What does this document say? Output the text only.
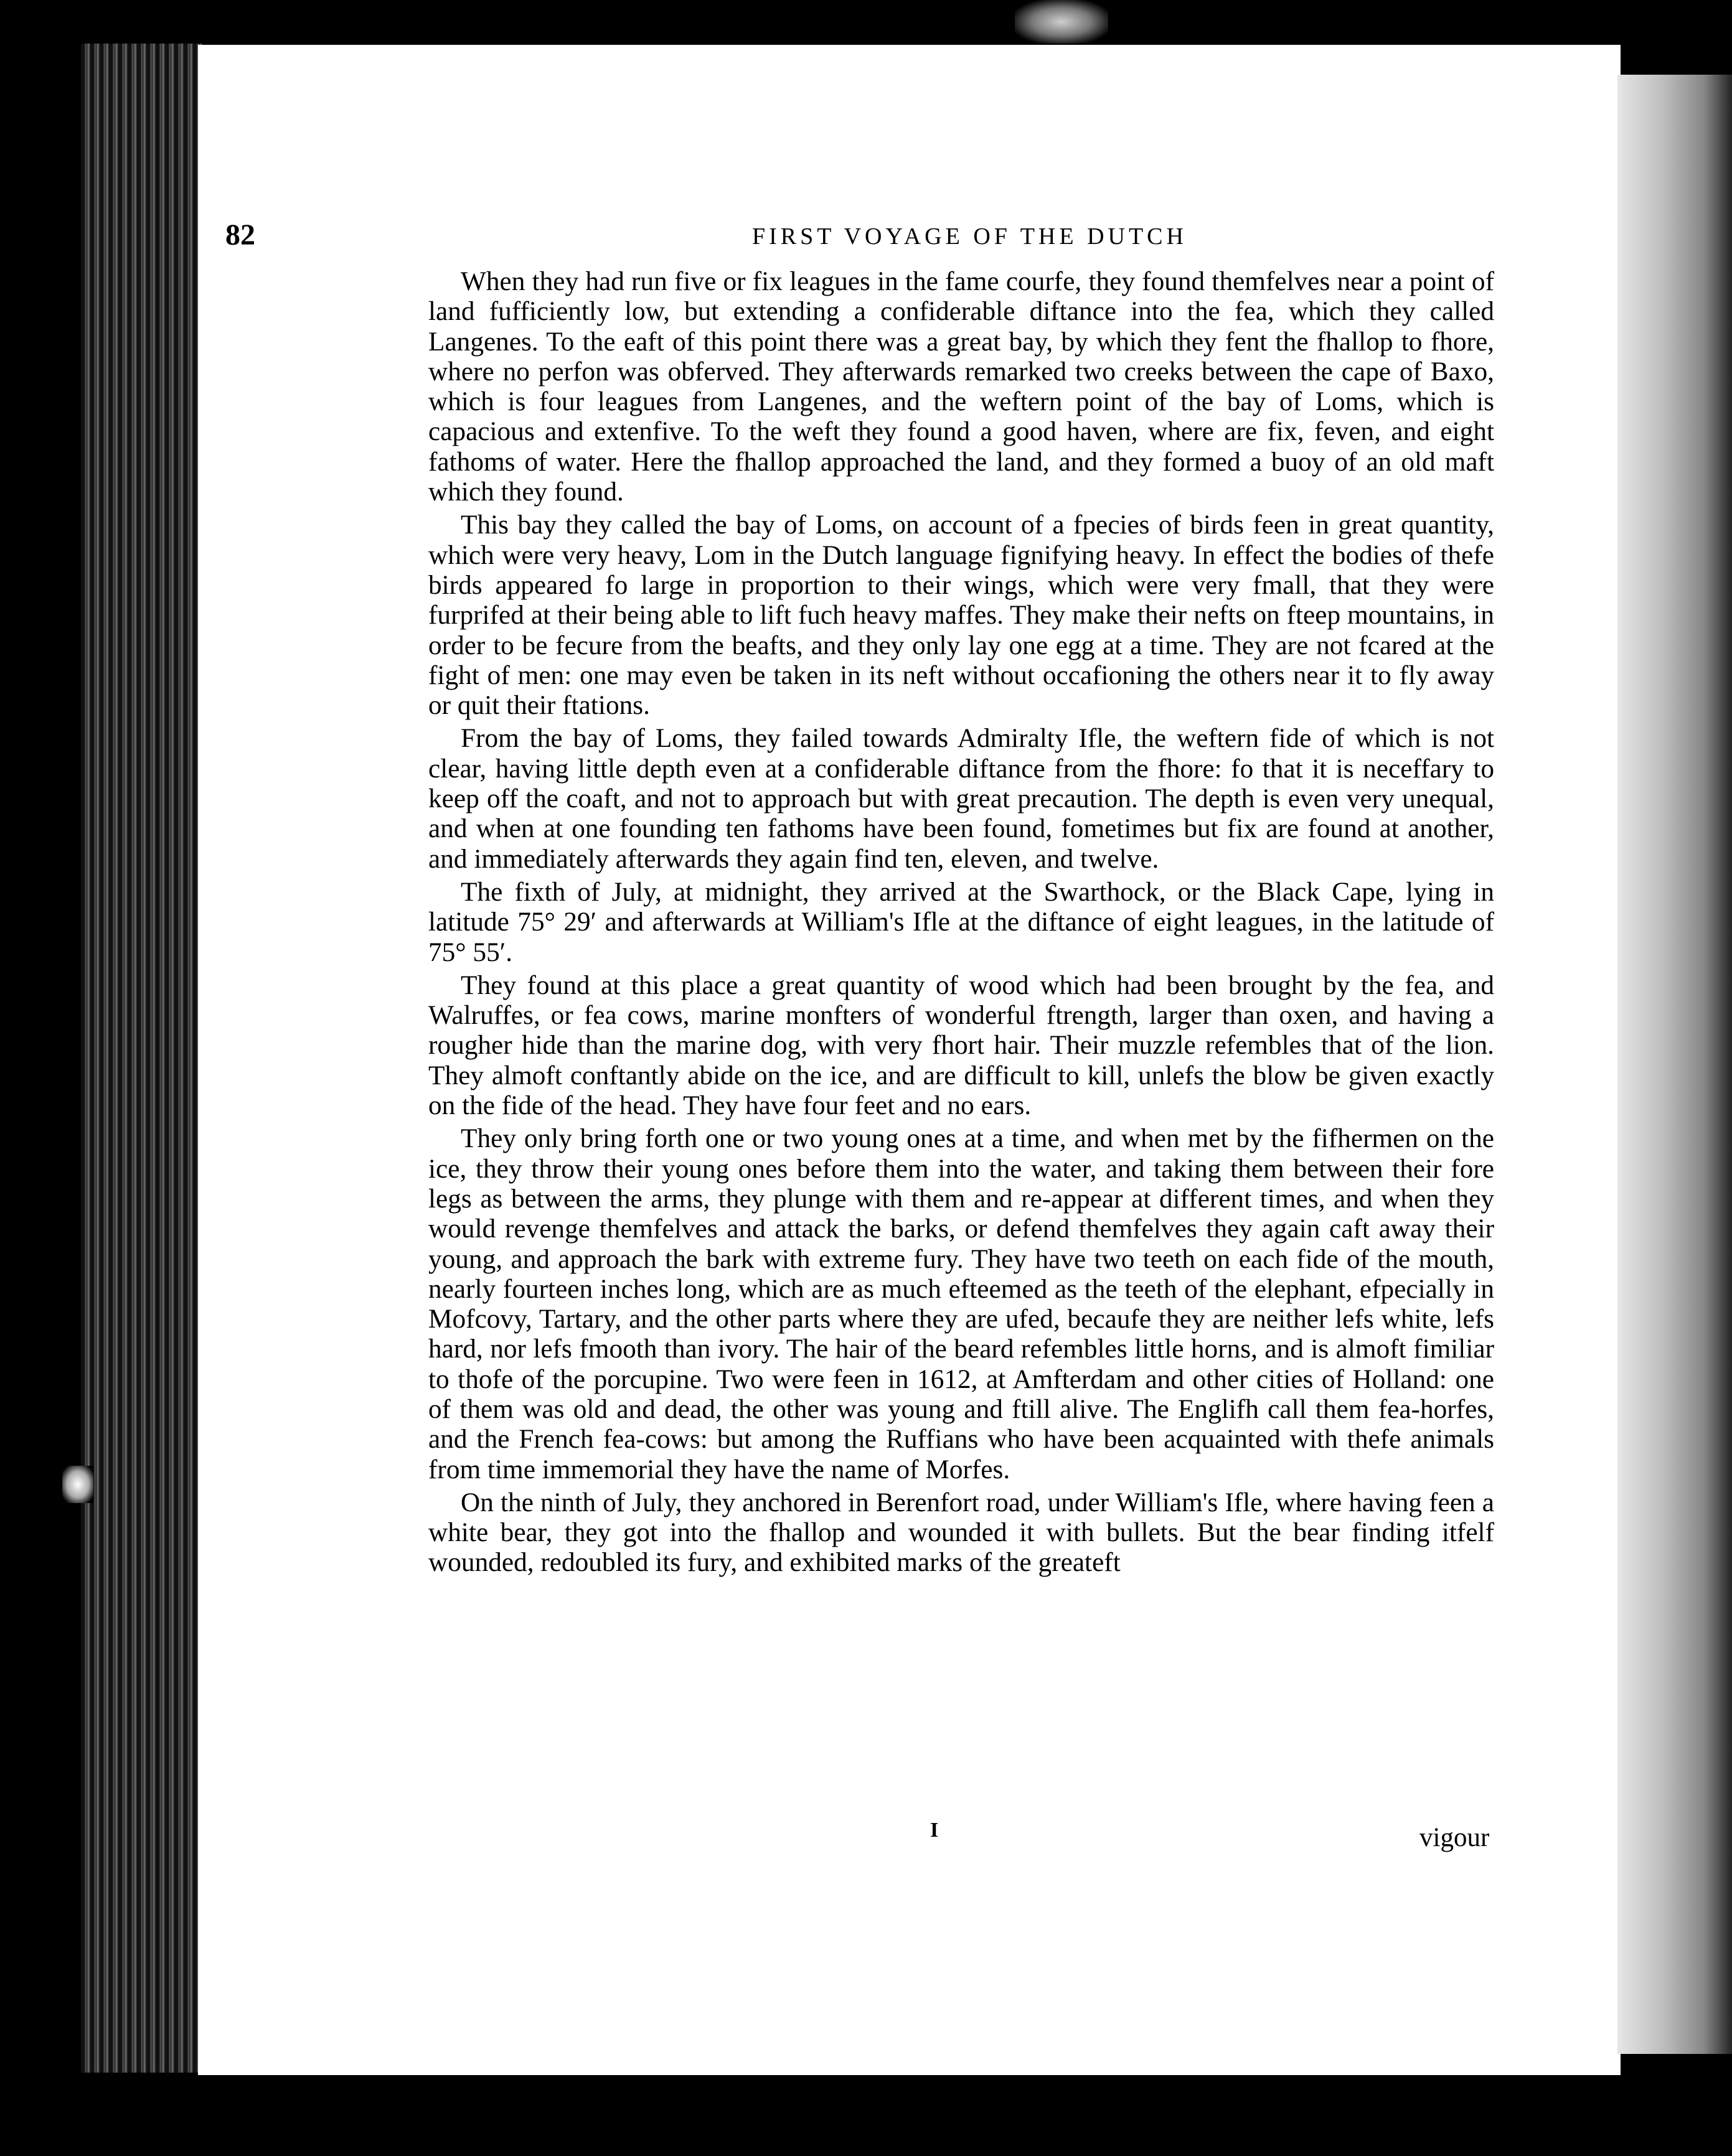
82	FIRST VOYAGE OF THE DUTCH

When they had run five or fix leagues in the fame courfe, they found themfelves near a point of land fufficiently low, but extending a confiderable diftance into the fea, which they called Langenes. To the eaft of this point there was a great bay, by which they fent the fhallop to fhore, where no perfon was obferved. They afterwards remarked two creeks between the cape of Baxo, which is four leagues from Langenes, and the weftern point of the bay of Loms, which is capacious and extenfive. To the weft they found a good haven, where are fix, feven, and eight fathoms of water. Here the fhallop approached the land, and they formed a buoy of an old maft which they found.

This bay they called the bay of Loms, on account of a fpecies of birds feen in great quantity, which were very heavy, Lom in the Dutch language fignifying heavy. In effect the bodies of thefe birds appeared fo large in proportion to their wings, which were very fmall, that they were furprifed at their being able to lift fuch heavy maffes. They make their nefts on fteep mountains, in order to be fecure from the beafts, and they only lay one egg at a time. They are not fcared at the fight of men: one may even be taken in its neft without occafioning the others near it to fly away or quit their ftations.

From the bay of Loms, they failed towards Admiralty Ifle, the weftern fide of which is not clear, having little depth even at a confiderable diftance from the fhore: fo that it is neceffary to keep off the coaft, and not to approach but with great precaution. The depth is even very unequal, and when at one founding ten fathoms have been found, fometimes but fix are found at another, and immediately afterwards they again find ten, eleven, and twelve.

The fixth of July, at midnight, they arrived at the Swarthock, or the Black Cape, lying in latitude 75° 29′ and afterwards at William's Ifle at the diftance of eight leagues, in the latitude of 75° 55′.

They found at this place a great quantity of wood which had been brought by the fea, and Walruffes, or fea cows, marine monfters of wonderful ftrength, larger than oxen, and having a rougher hide than the marine dog, with very fhort hair. Their muzzle refembles that of the lion. They almoft conftantly abide on the ice, and are difficult to kill, unlefs the blow be given exactly on the fide of the head. They have four feet and no ears.

They only bring forth one or two young ones at a time, and when met by the fifhermen on the ice, they throw their young ones before them into the water, and taking them between their fore legs as between the arms, they plunge with them and re-appear at different times, and when they would revenge themfelves and attack the barks, or defend themfelves they again caft away their young, and approach the bark with extreme fury. They have two teeth on each fide of the mouth, nearly fourteen inches long, which are as much efteemed as the teeth of the elephant, efpecially in Mofcovy, Tartary, and the other parts where they are ufed, becaufe they are neither lefs white, lefs hard, nor lefs fmooth than ivory. The hair of the beard refembles little horns, and is almoft fimiliar to thofe of the porcupine. Two were feen in 1612, at Amfterdam and other cities of Holland: one of them was old and dead, the other was young and ftill alive. The Englifh call them fea-horfes, and the French fea-cows: but among the Ruffians who have been acquainted with thefe animals from time immemorial they have the name of Morfes.

On the ninth of July, they anchored in Berenfort road, under William's Ifle, where having feen a white bear, they got into the fhallop and wounded it with bullets. But the bear finding itfelf wounded, redoubled its fury, and exhibited marks of the greateft

I	vigour
